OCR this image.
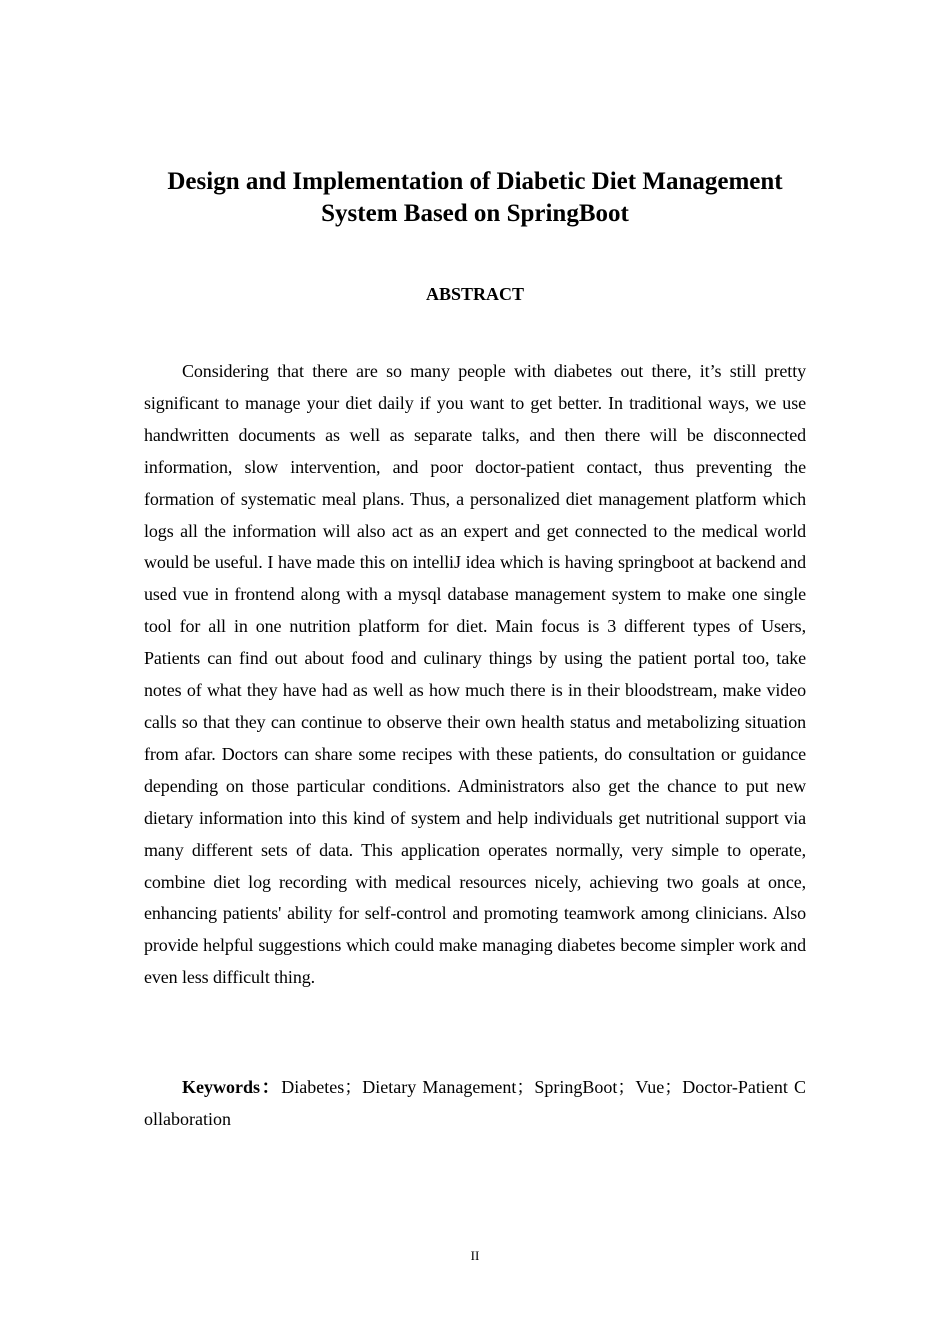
Design and Implementation of Diabetic Diet Management
System Based on SpringBoot
ABSTRACT

Considering that there are so many people with diabetes out there, it’s still pretty significant to manage your diet daily if you want to get better. In traditional ways, we use handwritten documents as well as separate talks, and then there will be disconnected information, slow intervention, and poor doctor-patient contact, thus preventing the formation of systematic meal plans. Thus, a personalized diet management platform which logs all the information will also act as an expert and get connected to the medical world would be useful. I have made this on intelliJ idea which is having springboot at backend and used vue in frontend along with a mysql database management system to make one single tool for all in one nutrition platform for diet. Main focus is 3 different types of Users, Patients can find out about food and culinary things by using the patient portal too, take notes of what they have had as well as how much there is in their bloodstream, make video calls so that they can continue to observe their own health status and metabolizing situation from afar. Doctors can share some recipes with these patients, do consultation or guidance depending on those particular conditions. Administrators also get the chance to put new dietary information into this kind of system and help individuals get nutritional support via many different sets of data. This application operates normally, very simple to operate, combine diet log recording with medical resources nicely, achieving two goals at once, enhancing patients' ability for self-control and promoting teamwork among clinicians. Also provide helpful suggestions which could make managing diabetes become simpler work and even less difficult thing.

Keywords：Diabetes；Dietary Management；SpringBoot；Vue；Doctor-Patient Collaboration

II
